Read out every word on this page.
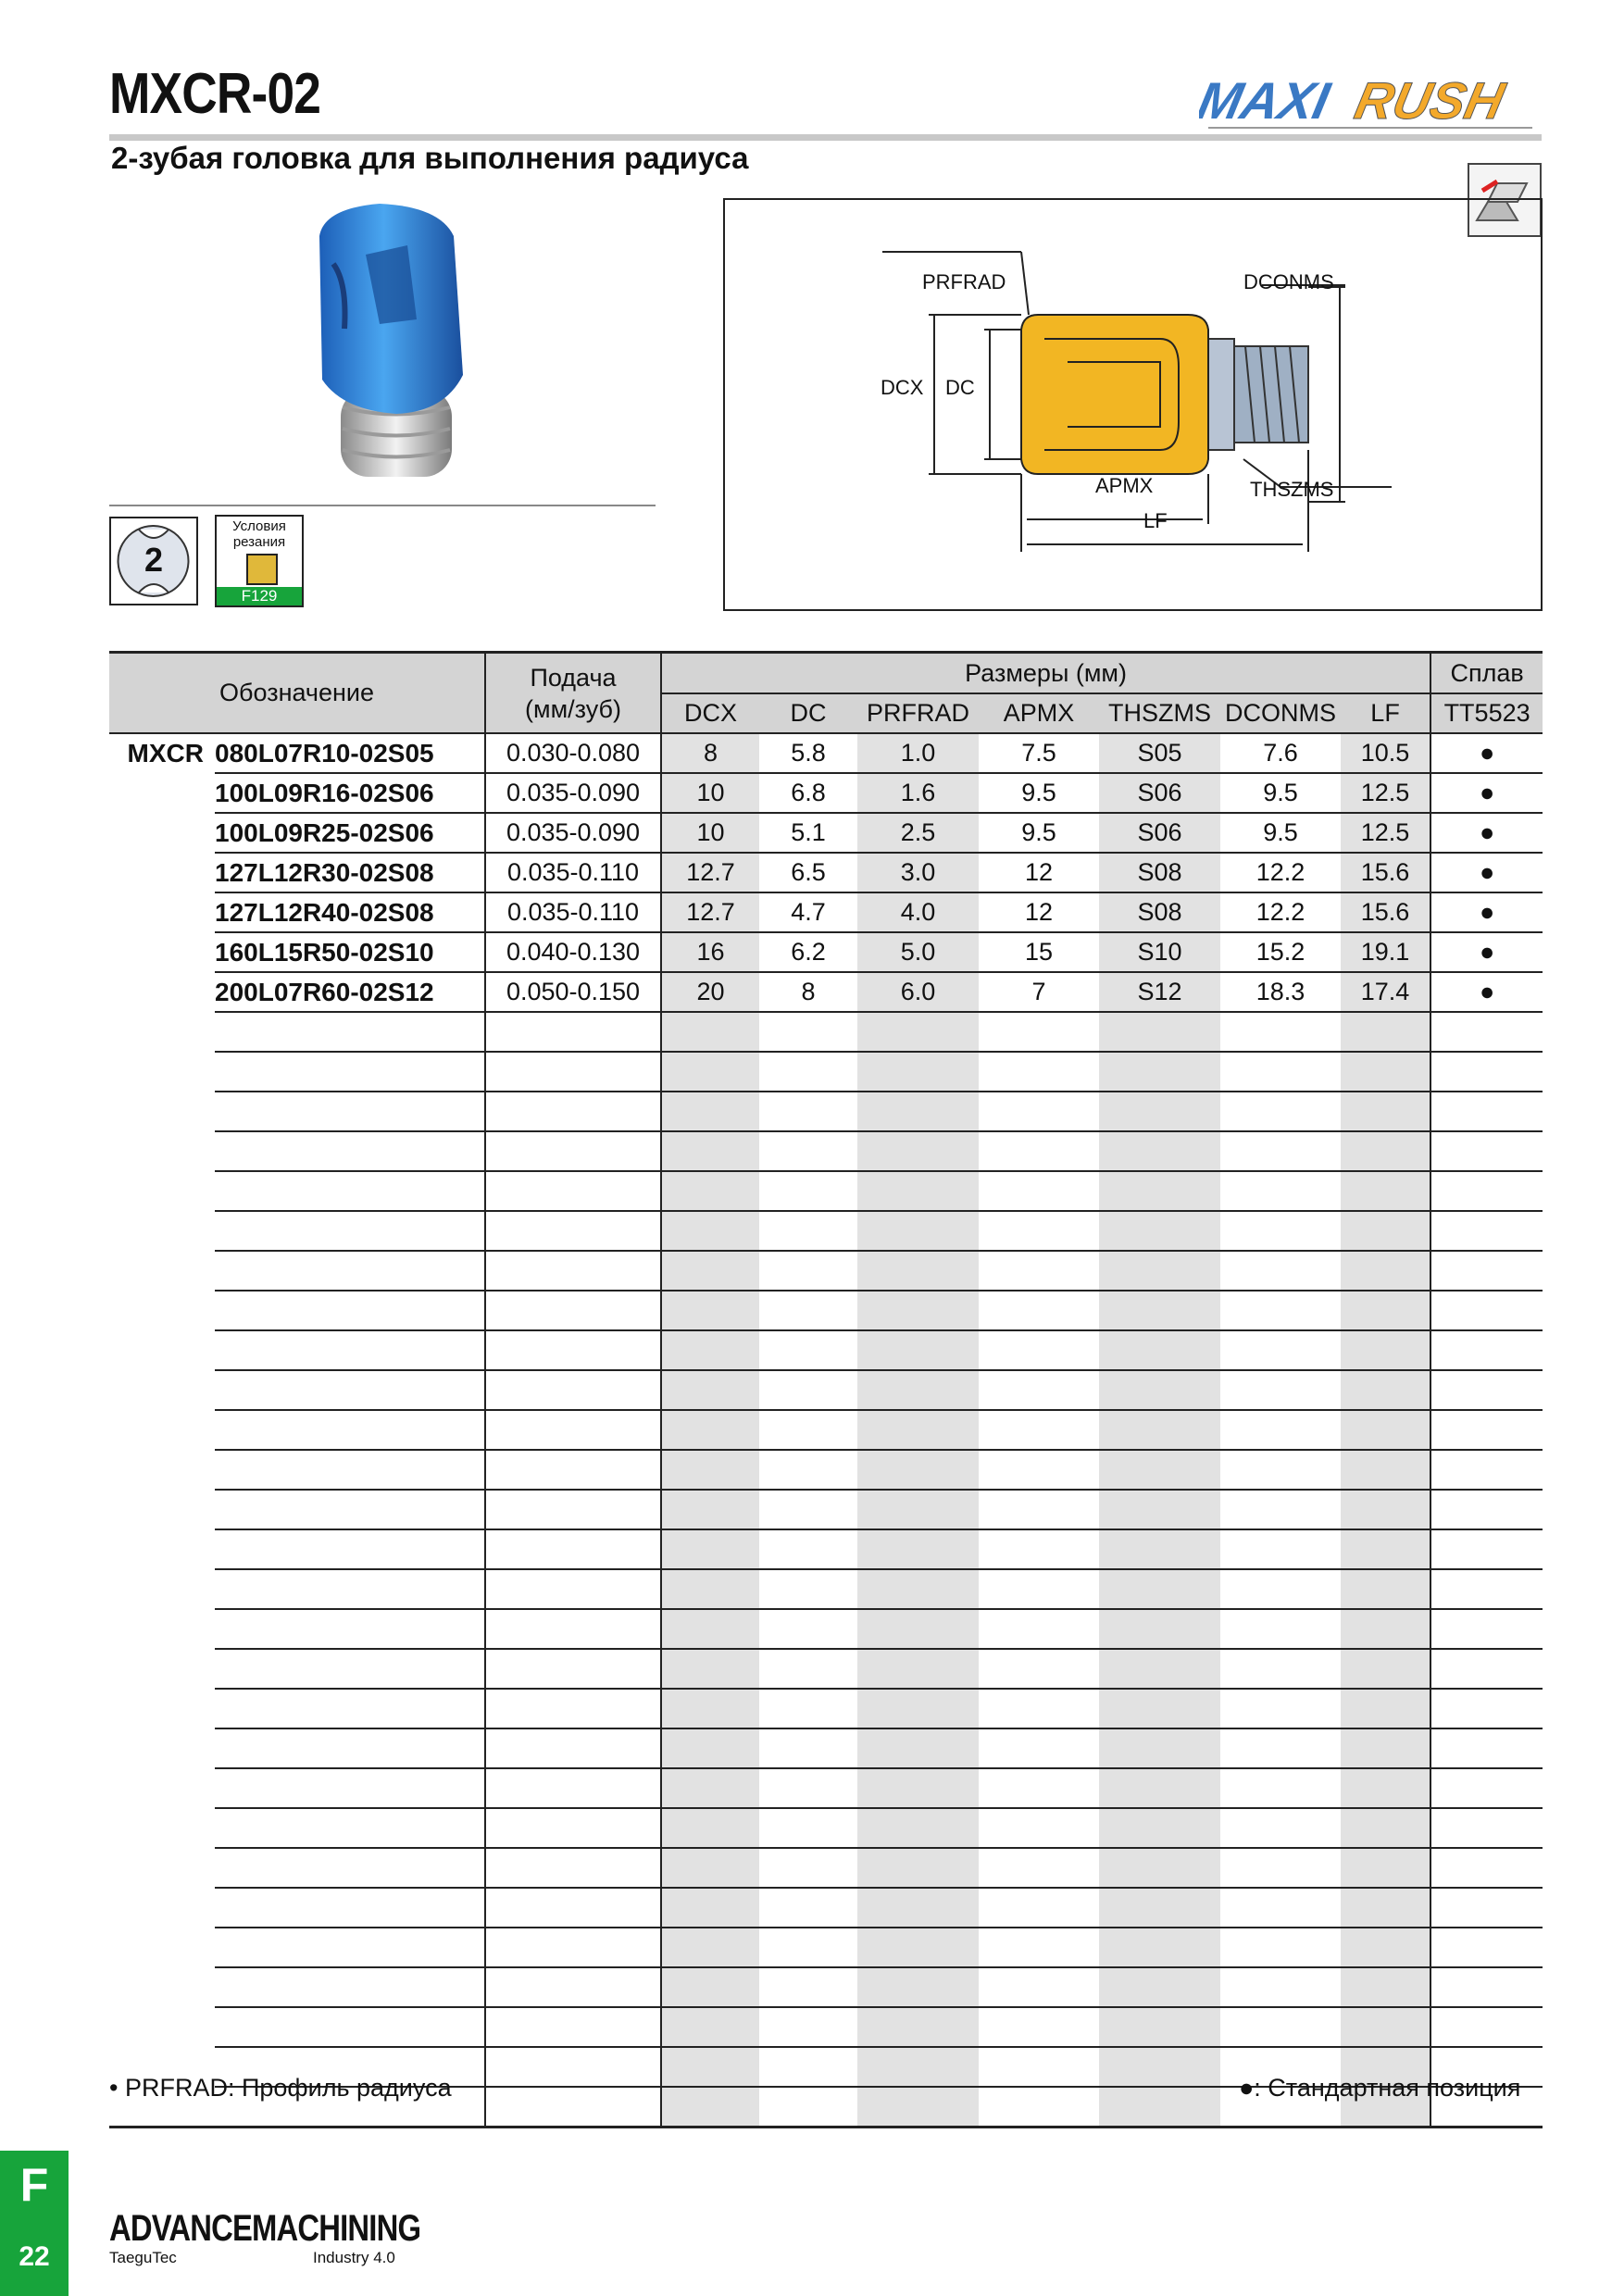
MXCR-02	MAXI RUSH
2-зубая головка для выполнения радиуса
2
Условия
резания
F129
PRFRAD	DCONMS
DCX DC
APMX
LF
THSZMS
Обозначение		Подача
(мм/зуб)	Размеры (мм)							Сплав
			DCX	DC	PRFRAD	APMX	THSZMS	DCONMS	LF	TT5523
MXCR	080L07R10-02S05	0.030-0.080	8	5.8	1.0	7.5	S05	7.6	10.5	●
	100L09R16-02S06	0.035-0.090	10	6.8	1.6	9.5	S06	9.5	12.5	●
	100L09R25-02S06	0.035-0.090	10	5.1	2.5	9.5	S06	9.5	12.5	●
	127L12R30-02S08	0.035-0.110	12.7	6.5	3.0	12	S08	12.2	15.6	●
	127L12R40-02S08	0.035-0.110	12.7	4.7	4.0	12	S08	12.2	15.6	●
	160L15R50-02S10	0.040-0.130	16	6.2	5.0	15	S10	15.2	19.1	●
	200L07R60-02S12	0.050-0.150	20	8	6.0	7	S12	18.3	17.4	●

• PRFRAD: Профиль радиуса	●: Стандартная позиция
F
22
ADVANCEMACHINING
TaeguTec	Industry 4.0
